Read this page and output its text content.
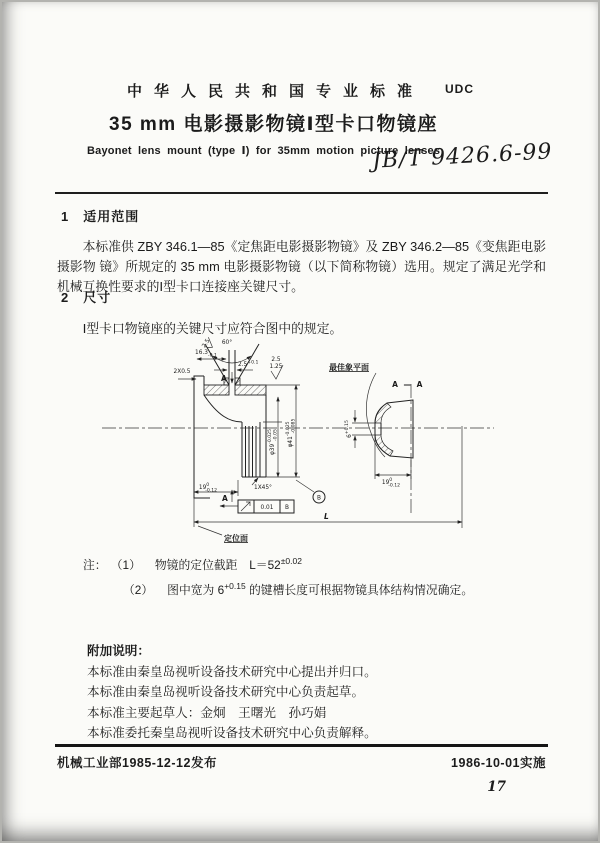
中华人民共和国专业标准 UDC
35 mm 电影摄影物镜Ⅰ型卡口物镜座
Bayonet lens mount (type Ⅰ) for 35mm motion picture lenses
JB/T 9426.6-99
1 适用范围

本标准供 ZBY 346.1—85《定焦距电影摄影物镜》及 ZBY 346.2—85《变焦距电影摄影物 镜》所规定的 35 mm 电影摄影物镜（以下简称物镜）选用。规定了满足光学和机械互换性要求的Ⅰ型卡口连接座关键尺寸。

2 尺寸

Ⅰ型卡口物镜座的关键尺寸应符合图中的规定。

60°
$16.3_{-0.1}$
$2.5^{+0.1}$ 2.5
1.25
2.5
2X0.5
A
A
$\varphi 39^{-0.025}-0.05$
$\varphi 41^{-0.025}-0.085$
1X45°
$19^0$ -0.12
B
0.01 B
L
定位面
A — A
最佳象平面
$6^{+0.15}$
$19^0$ -0.12
注： （1） 物镜的定位截距　$L=52^{\pm 0.02}$
（2） 图中宽为 $6^{+0.15}$ 的键槽长度可根据物镜具体结构情况确定。
附加说明：
本标准由秦皇岛视听设备技术研究中心提出并归口。
本标准由秦皇岛视听设备技术研究中心负责起草。
本标准主要起草人：金炯　王曙光　孙巧娟
本标准委托秦皇岛视听设备技术研究中心负责解释。
机械工业部1985-12-12发布	1986-10-01实施
17
